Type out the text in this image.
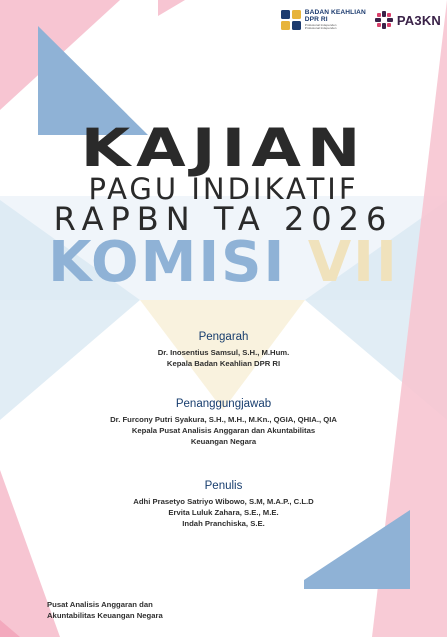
BADAN KEAHLIAN
DPR RI
Profesional Independen Profesional Independen
PA3KN
KAJIAN
PAGU INDIKATIF
RAPBN TA 2026
KOMISI VII
Pengarah
Dr. Inosentius Samsul, S.H., M.Hum.
Kepala Badan Keahlian DPR RI
Penanggungjawab
Dr. Furcony Putri Syakura, S.H., M.H., M.Kn., QGIA, QHIA., QIA
Kepala Pusat Analisis Anggaran dan Akuntabilitas
Keuangan Negara
Penulis
Adhi Prasetyo Satriyo Wibowo, S.M, M.A.P., C.L.D
Ervita Luluk Zahara, S.E., M.E.
Indah Pranchiska, S.E.
Pusat Analisis Anggaran dan
Akuntabilitas Keuangan Negara
